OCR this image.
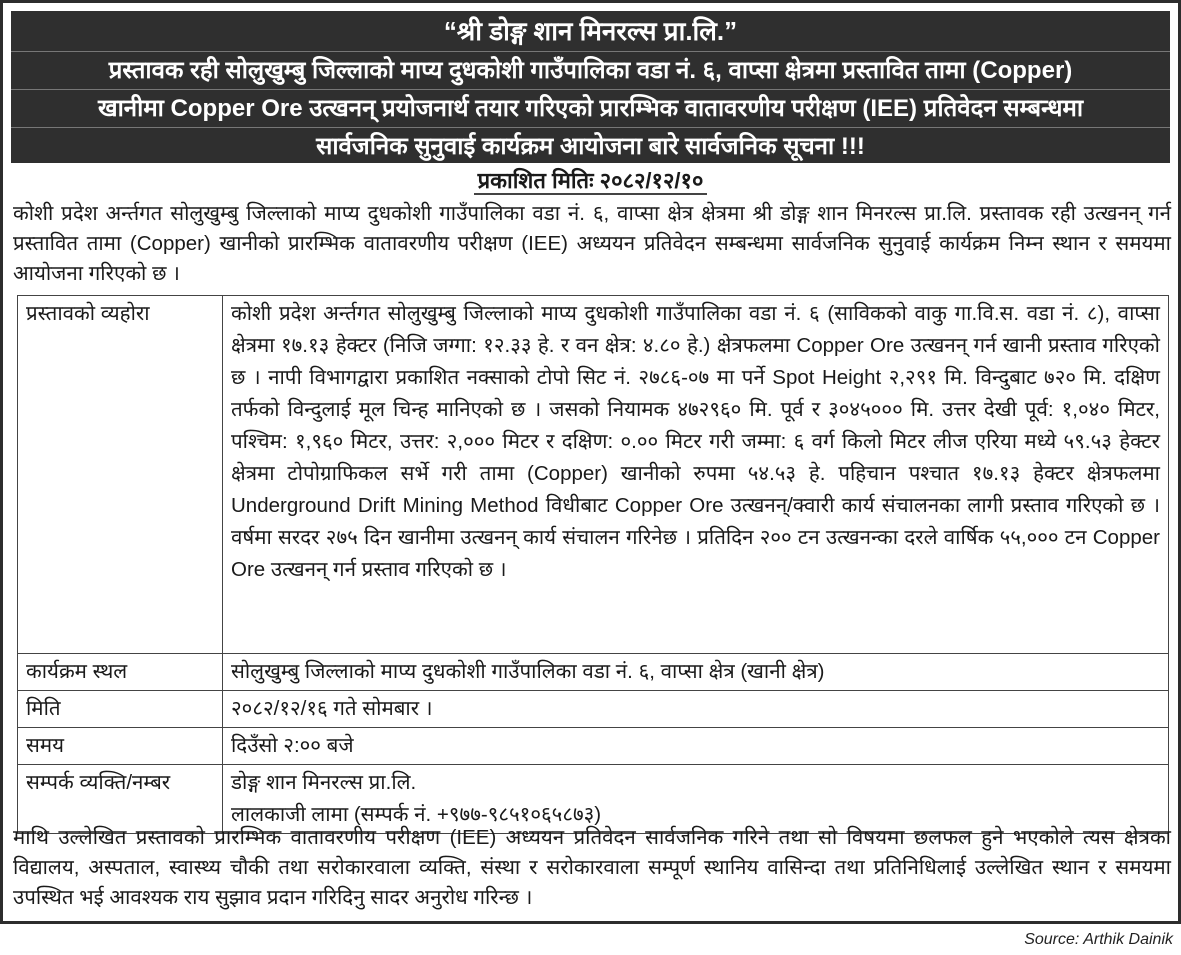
“श्री डोङ्ग शान मिनरल्स प्रा.लि.”
प्रस्तावक रही सोलुखुम्बु जिल्लाको माप्य दुधकोशी गाउँपालिका वडा नं. ६, वाप्सा क्षेत्रमा प्रस्तावित तामा (Copper)
खानीमा Copper Ore उत्खनन् प्रयोजनार्थ तयार गरिएको प्रारम्भिक वातावरणीय परीक्षण (IEE) प्रतिवेदन सम्बन्धमा
सार्वजनिक सुनुवाई कार्यक्रम आयोजना बारे सार्वजनिक सूचना !!!
प्रकाशित मितिः २०८२/१२/१०
कोशी प्रदेश अर्न्तगत सोलुखुम्बु जिल्लाको माप्य दुधकोशी गाउँपालिका वडा नं. ६, वाप्सा क्षेत्र क्षेत्रमा श्री डोङ्ग शान मिनरल्स प्रा.लि. प्रस्तावक रही उत्खनन् गर्न प्रस्तावित तामा (Copper) खानीको प्रारम्भिक वातावरणीय परीक्षण (IEE) अध्ययन प्रतिवेदन सम्बन्धमा सार्वजनिक सुनुवाई कार्यक्रम निम्न स्थान र समयमा आयोजना गरिएको छ ।
प्रस्तावको व्यहोरा	कोशी प्रदेश अर्न्तगत सोलुखुम्बु जिल्लाको माप्य दुधकोशी गाउँपालिका वडा नं. ६ (साविकको वाकु गा.वि.स. वडा नं. ८), वाप्सा क्षेत्रमा १७.१३ हेक्टर (निजि जग्गा: १२.३३ हे. र वन क्षेत्र: ४.८० हे.) क्षेत्रफलमा Copper Ore उत्खनन् गर्न खानी प्रस्ताव गरिएको छ । नापी विभागद्वारा प्रकाशित नक्साको टोपो सिट नं. २७८६-०७ मा पर्ने Spot Height २,२९१ मि. विन्दुबाट ७२० मि. दक्षिण तर्फको विन्दुलाई मूल चिन्ह मानिएको छ । जसको नियामक ४७२९६० मि. पूर्व र ३०४५००० मि. उत्तर देखी पूर्व: १,०४० मिटर, पश्चिम: १,९६० मिटर, उत्तर: २,००० मिटर र दक्षिण: ०.०० मिटर गरी जम्मा: ६ वर्ग किलो मिटर लीज एरिया मध्ये ५९.५३ हेक्टर क्षेत्रमा टोपोग्राफिकल सर्भे गरी तामा (Copper) खानीको रुपमा ५४.५३ हे. पहिचान पश्चात १७.१३ हेक्टर क्षेत्रफलमा Underground Drift Mining Method विधीबाट Copper Ore उत्खनन्/क्वारी कार्य संचालनका लागी प्रस्ताव गरिएको छ । वर्षमा सरदर २७५ दिन खानीमा उत्खनन् कार्य संचालन गरिनेछ । प्रतिदिन २०० टन उत्खनन्का दरले वार्षिक ५५,००० टन Copper Ore उत्खनन् गर्न प्रस्ताव गरिएको छ ।
कार्यक्रम स्थल	सोलुखुम्बु जिल्लाको माप्य दुधकोशी गाउँपालिका वडा नं. ६, वाप्सा क्षेत्र (खानी क्षेत्र)
मिति	२०८२/१२/१६ गते सोमबार ।
समय	दिउँसो २:०० बजे
सम्पर्क व्यक्ति/नम्बर	डोङ्ग शान मिनरल्स प्रा.लि.
लालकाजी लामा (सम्पर्क नं. +९७७-९८५१०६५८७३)
माथि उल्लेखित प्रस्तावको प्रारम्भिक वातावरणीय परीक्षण (IEE) अध्ययन प्रतिवेदन सार्वजनिक गरिने तथा सो विषयमा छलफल हुने भएकोले त्यस क्षेत्रका विद्यालय, अस्पताल, स्वास्थ्य चौकी तथा सरोकारवाला व्यक्ति, संस्था र सरोकारवाला सम्पूर्ण स्थानिय वासिन्दा तथा प्रतिनिधिलाई उल्लेखित स्थान र समयमा उपस्थित भई आवश्यक राय सुझाव प्रदान गरिदिनु सादर अनुरोध गरिन्छ ।
Source: Arthik Dainik
